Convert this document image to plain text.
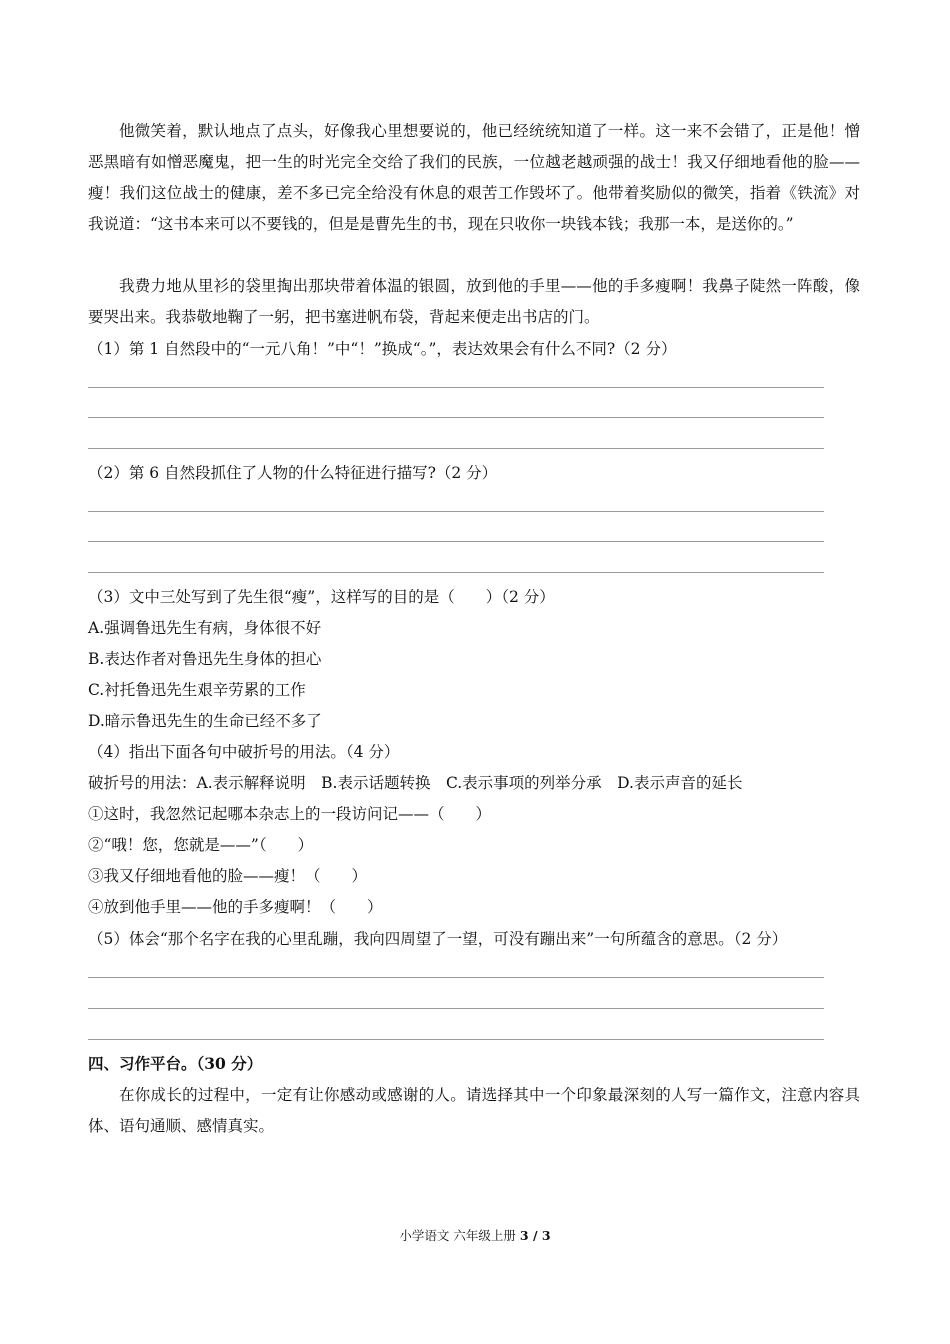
他微笑着，默认地点了点头，好像我心里想要说的，他已经统统知道了一样。这一来不会错了，正是他！憎恶黑暗有如憎恶魔鬼，把一生的时光完全交给了我们的民族，一位越老越顽强的战士！我又仔细地看他的脸——瘦！我们这位战士的健康，差不多已完全给没有休息的艰苦工作毁坏了。他带着奖励似的微笑，指着《铁流》对我说道：“这书本来可以不要钱的，但是是曹先生的书，现在只收你一块钱本钱；我那一本，是送你的。”

我费力地从里衫的袋里掏出那块带着体温的银圆，放到他的手里——他的手多瘦啊！我鼻子陡然一阵酸，像要哭出来。我恭敬地鞠了一躬，把书塞进帆布袋，背起来便走出书店的门。

（1）第 1 自然段中的“一元八角！”中“！”换成“。”，表达效果会有什么不同?（2 分）

（2）第 6 自然段抓住了人物的什么特征进行描写?（2 分）

（3）文中三处写到了先生很“瘦”，这样写的目的是（　　）（2 分）

A.强调鲁迅先生有病，身体很不好

B.表达作者对鲁迅先生身体的担心

C.衬托鲁迅先生艰辛劳累的工作

D.暗示鲁迅先生的生命已经不多了

（4）指出下面各句中破折号的用法。（4 分）

破折号的用法：A.表示解释说明　B.表示话题转换　C.表示事项的列举分承　D.表示声音的延长

①这时，我忽然记起哪本杂志上的一段访问记——（　　）

②“哦！您，您就是——”（　　）

③我又仔细地看他的脸——瘦！（　　）

④放到他手里——他的手多瘦啊！（　　）

（5）体会“那个名字在我的心里乱蹦，我向四周望了一望，可没有蹦出来”一句所蕴含的意思。（2 分）

四、习作平台。（30 分）

在你成长的过程中，一定有让你感动或感谢的人。请选择其中一个印象最深刻的人写一篇作文，注意内容具体、语句通顺、感情真实。

小学语文 六年级上册 3 / 3
